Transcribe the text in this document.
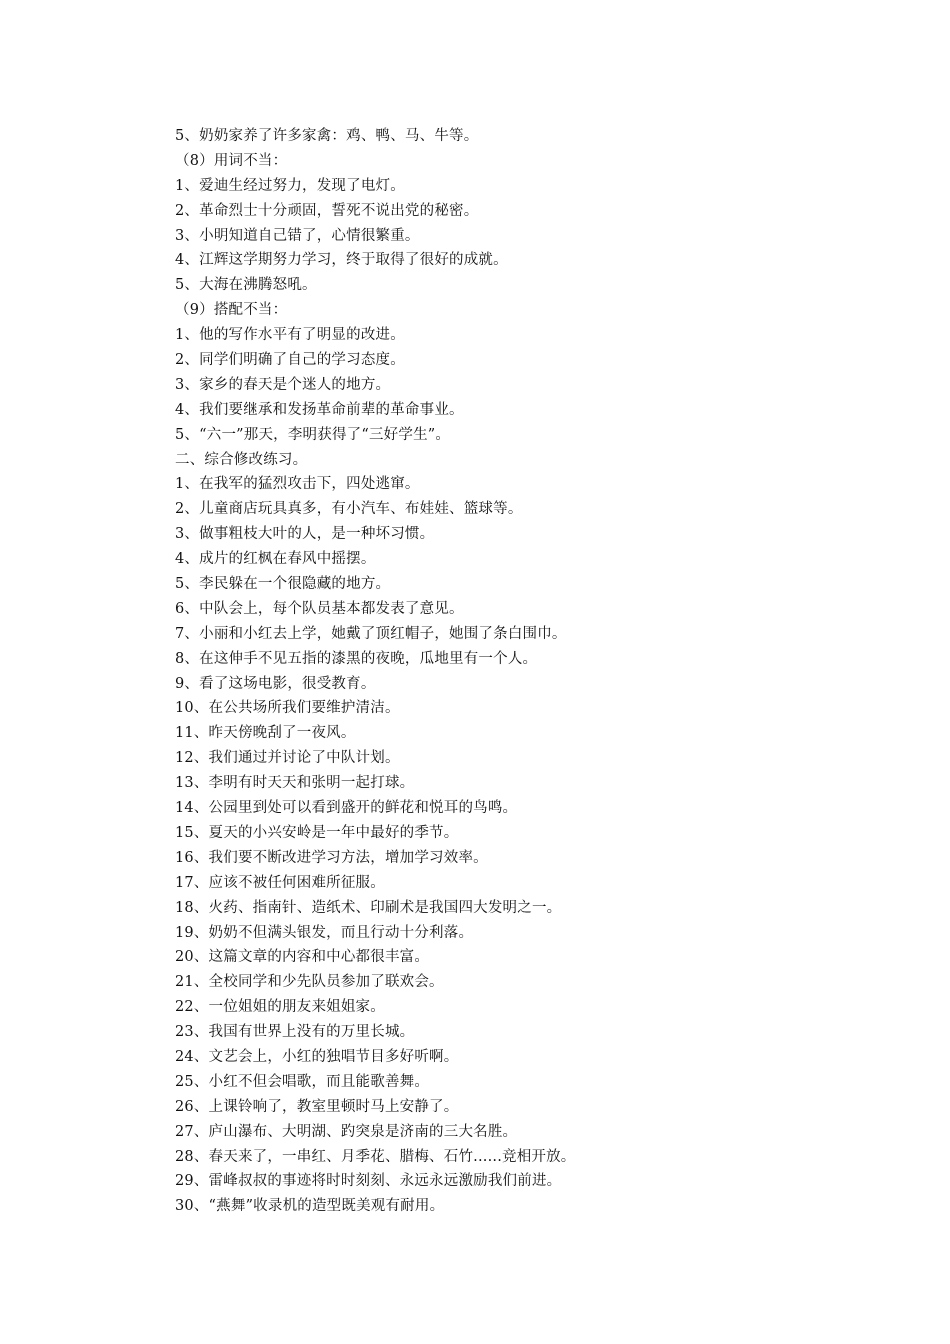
5、奶奶家养了许多家禽：鸡、鸭、马、牛等。
（8）用词不当：
1、爱迪生经过努力，发现了电灯。
2、革命烈士十分顽固，誓死不说出党的秘密。
3、小明知道自己错了，心情很繁重。
4、江辉这学期努力学习，终于取得了很好的成就。
5、大海在沸腾怒吼。
（9）搭配不当：
1、他的写作水平有了明显的改进。
2、同学们明确了自己的学习态度。
3、家乡的春天是个迷人的地方。
4、我们要继承和发扬革命前辈的革命事业。
5、“六一”那天，李明获得了“三好学生”。
二、综合修改练习。
1、在我军的猛烈攻击下，四处逃窜。
2、儿童商店玩具真多，有小汽车、布娃娃、篮球等。
3、做事粗枝大叶的人，是一种坏习惯。
4、成片的红枫在春风中摇摆。
5、李民躲在一个很隐藏的地方。
6、中队会上，每个队员基本都发表了意见。
7、小丽和小红去上学，她戴了顶红帽子，她围了条白围巾。
8、在这伸手不见五指的漆黑的夜晚，瓜地里有一个人。
9、看了这场电影，很受教育。
10、在公共场所我们要维护清洁。
11、昨天傍晚刮了一夜风。
12、我们通过并讨论了中队计划。
13、李明有时天天和张明一起打球。
14、公园里到处可以看到盛开的鲜花和悦耳的鸟鸣。
15、夏天的小兴安岭是一年中最好的季节。
16、我们要不断改进学习方法，增加学习效率。
17、应该不被任何困难所征服。
18、火药、指南针、造纸术、印刷术是我国四大发明之一。
19、奶奶不但满头银发，而且行动十分利落。
20、这篇文章的内容和中心都很丰富。
21、全校同学和少先队员参加了联欢会。
22、一位姐姐的朋友来姐姐家。
23、我国有世界上没有的万里长城。
24、文艺会上，小红的独唱节目多好听啊。
25、小红不但会唱歌，而且能歌善舞。
26、上课铃响了，教室里顿时马上安静了。
27、庐山瀑布、大明湖、趵突泉是济南的三大名胜。
28、春天来了，一串红、月季花、腊梅、石竹......竞相开放。
29、雷峰叔叔的事迹将时时刻刻、永远永远激励我们前进。
30、“燕舞”收录机的造型既美观有耐用。
